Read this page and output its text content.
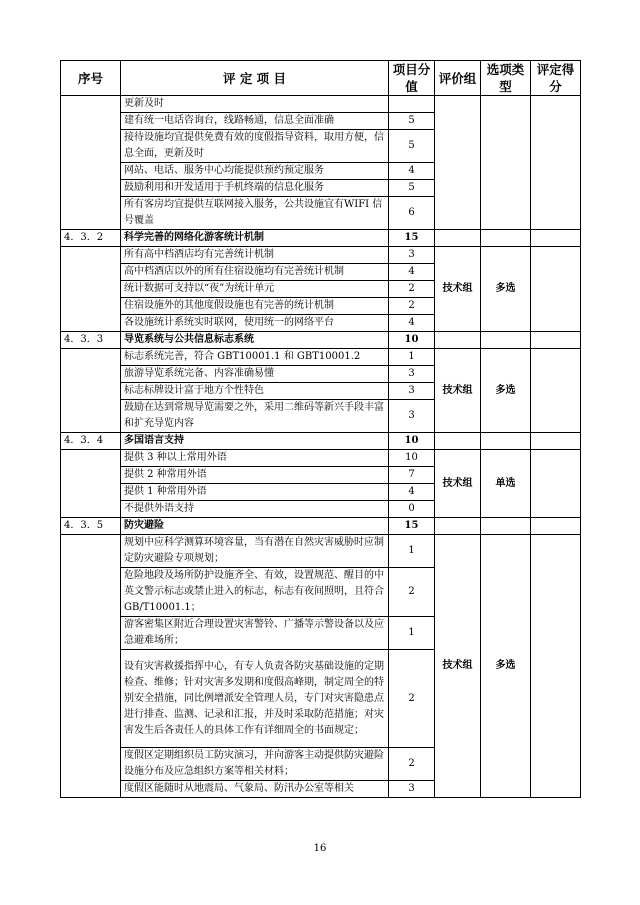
序号	评 定 项 目	项目分值	评价组	选项类型	评定得分
	更新及时				
	建有统一电话咨询台，线路畅通，信息全面准确	5			
	接待设施均宜提供免费有效的度假指导资料，取用方便，信息全面，更新及时	5			
	网站、电话、服务中心均能提供预约预定服务	4			
	鼓励利用和开发适用于手机终端的信息化服务	5			
	所有客房均宜提供互联网接入服务，公共设施宜有WIFI 信号覆盖	6			
4．3．2	科学完善的网络化游客统计机制	15			
	所有高中档酒店均有完善统计机制	3	技术组	多选	
	高中档酒店以外的所有住宿设施均有完善统计机制	4			
	统计数据可支持以“夜”为统计单元	2			
	住宿设施外的其他度假设施也有完善的统计机制	2			
	各设施统计系统实时联网，使用统一的网络平台	4			
4．3．3	导览系统与公共信息标志系统	10			
	标志系统完善，符合 GBT10001.1 和 GBT10001.2	1	技术组	多选	
	旅游导览系统完备、内容准确易懂	3			
	标志标牌设计富于地方个性特色	3			
	鼓励在达到常规导览需要之外，采用二维码等新兴手段丰富和扩充导览内容	3			
4．3．4	多国语言支持	10			
	提供 3 种以上常用外语	10	技术组	单选	
	提供 2 种常用外语	7			
	提供 1 种常用外语	4			
	不提供外语支持	0			
4．3．5	防灾避险	15			
	规划中应科学测算环境容量，当有潜在自然灾害威胁时应制定防灾避险专项规划；	1	技术组	多选	
	危险地段及场所防护设施齐全、有效，设置规范、醒目的中英文警示标志或禁止进入的标志，标志有夜间照明，且符合 GB/T10001.1；	2			
	游客密集区附近合理设置灾害警铃、广播等示警设备以及应急避难场所；	1			
	设有灾害救援指挥中心，有专人负责各防灾基础设施的定期检查、维修；针对灾害多发期和度假高峰期，制定周全的特别安全措施，同比例增派安全管理人员，专门对灾害隐患点进行排查、监测、记录和汇报，并及时采取防范措施；对灾害发生后各责任人的具体工作有详细周全的书面规定；	2			
	度假区定期组织员工防灾演习，并向游客主动提供防灾避险设施分布及应急组织方案等相关材料；	2			
	度假区能随时从地震局、气象局、防汛办公室等相关	3			
16
